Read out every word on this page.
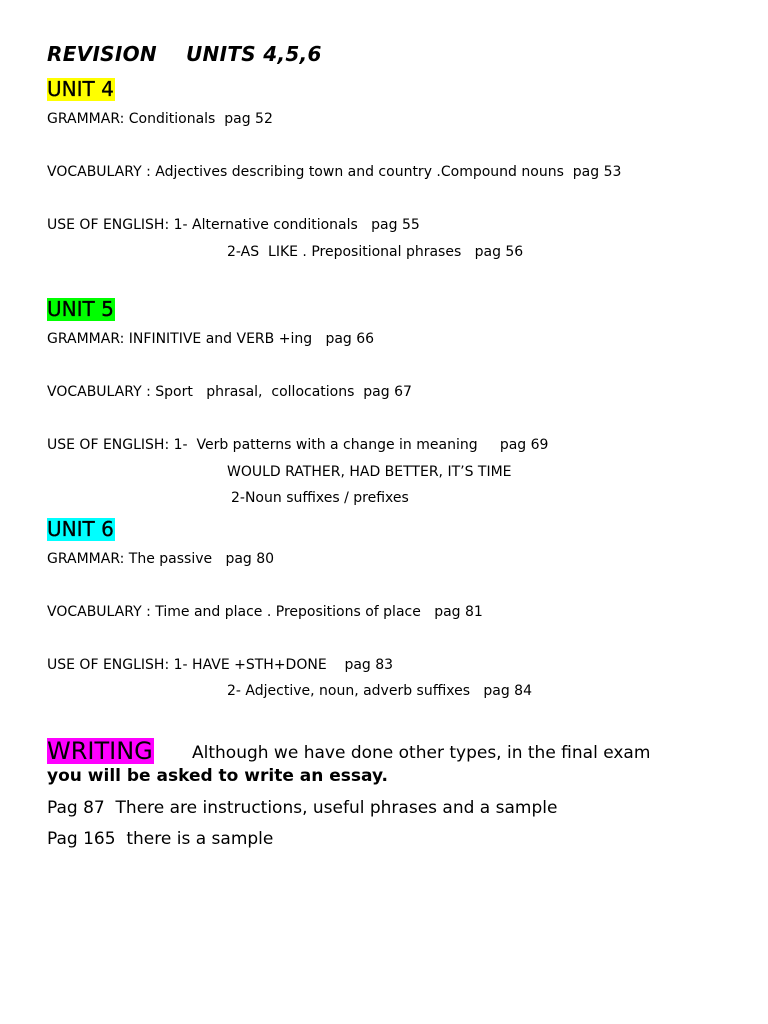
REVISION    UNITS 4,5,6
UNIT 4
GRAMMAR: Conditionals  pag 52
VOCABULARY : Adjectives describing town and country .Compound nouns  pag 53
USE OF ENGLISH: 1- Alternative conditionals   pag 55
2-AS  LIKE . Prepositional phrases   pag 56
UNIT 5
GRAMMAR: INFINITIVE and VERB +ing   pag 66
VOCABULARY : Sport   phrasal,  collocations  pag 67
USE OF ENGLISH: 1-  Verb patterns with a change in meaning     pag 69
WOULD RATHER, HAD BETTER, IT’S TIME
2-Noun suffixes / prefixes
UNIT 6
GRAMMAR: The passive   pag 80
VOCABULARY : Time and place . Prepositions of place   pag 81
USE OF ENGLISH: 1- HAVE +STH+DONE    pag 83
2- Adjective, noun, adverb suffixes   pag 84
WRITING Although we have done other types, in the final exam
you will be asked to write an essay.
Pag 87  There are instructions, useful phrases and a sample
Pag 165  there is a sample
